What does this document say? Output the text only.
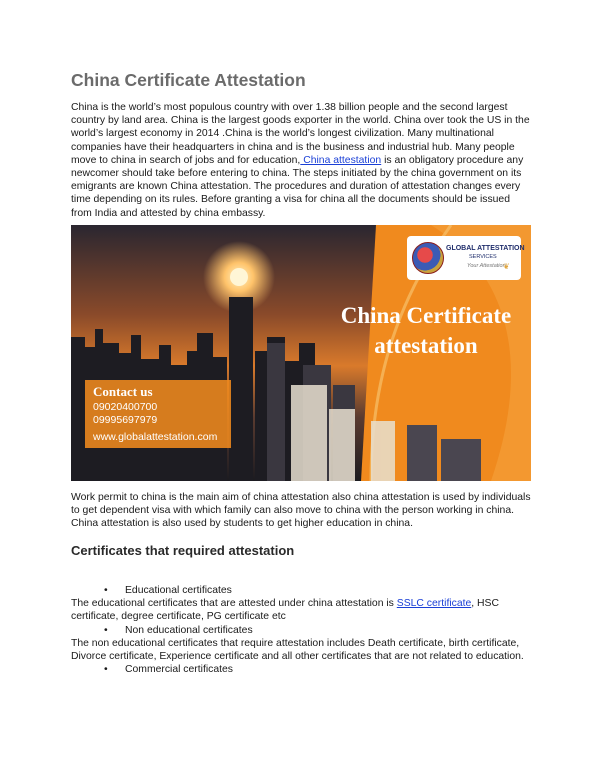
China Certificate Attestation

China is the world’s most populous country with over 1.38 billion people and the second largest country by land area. China is the largest goods exporter in the world. China over took the US in the world’s largest economy in 2014 .China is the world’s longest civilization. Many multinational companies have their headquarters in china and is the business and industrial hub. Many people move to china in search of jobs and for education, China attestation is an obligatory procedure any newcomer should take before entering to china. The steps initiated by the china government on its emigrants are known China attestation. The procedures and duration of attestation changes every time depending on its rules. Before granting a visa for china all the documents should be issued from India and attested by china embassy.

GLOBAL ATTESTATION
SERVICES
Your Attestation
❦
China Certificate
attestation
Contact us
09020400700
09995697979
www.globalattestation.com

Work permit to china is the main aim of china attestation also china attestation is used by individuals to get dependent visa with which family can also move to china with the person working in china. China attestation is also used by students to get higher education in china.

Certificates that required attestation
• Educational certificates

The educational certificates that are attested under china attestation is SSLC certificate, HSC certificate, degree certificate, PG certificate etc

• Non educational certificates

The non educational certificates that require attestation includes Death certificate, birth certificate, Divorce certificate, Experience certificate and all other certificates that are not related to education.

• Commercial certificates
